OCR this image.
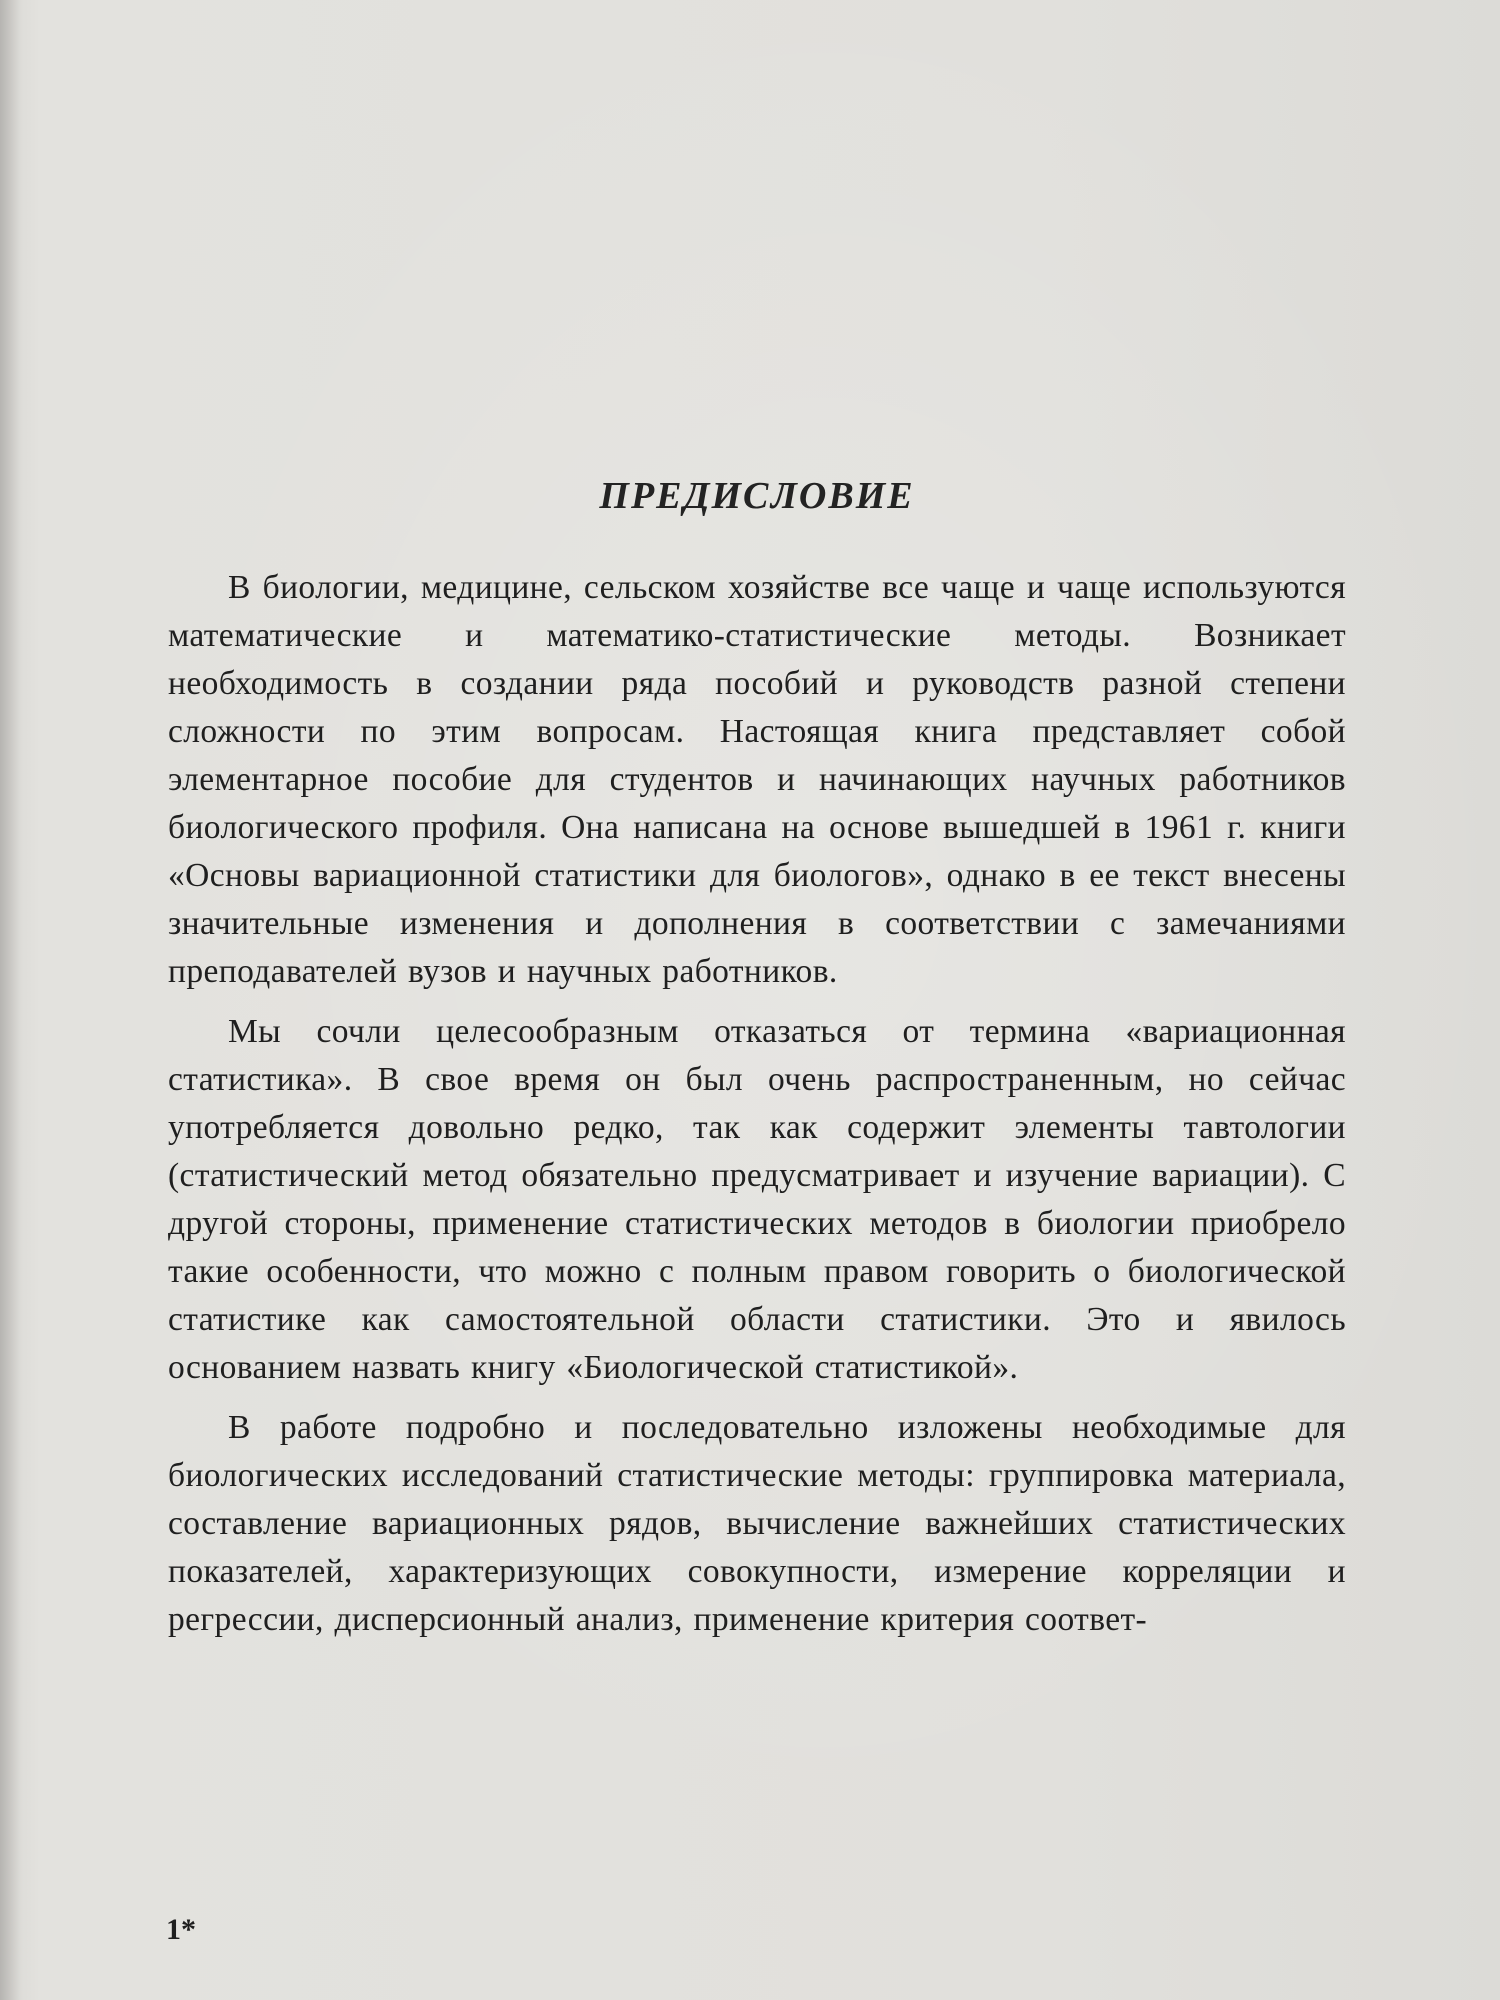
ПРЕДИСЛОВИЕ

В биологии, медицине, сельском хозяйстве все чаще и чаще используются математические и математико-статистические методы. Возникает необходимость в создании ряда пособий и руководств разной степени сложности по этим вопросам. Настоящая книга представляет собой элементарное пособие для студентов и начинающих научных работников биологического профиля. Она написана на основе вышедшей в 1961 г. книги «Основы вариационной статистики для биологов», однако в ее текст внесены значительные изменения и дополнения в соответствии с замечаниями преподавателей вузов и научных работников.

Мы сочли целесообразным отказаться от термина «вариационная статистика». В свое время он был очень распространенным, но сейчас употребляется довольно редко, так как содержит элементы тавтологии (статистический метод обязательно предусматривает и изучение вариации). С другой стороны, применение статистических методов в биологии приобрело такие особенности, что можно с полным правом говорить о биологической статистике как самостоятельной области статистики. Это и явилось основанием назвать книгу «Биологической статистикой».

В работе подробно и последовательно изложены необходимые для биологических исследований статистические методы: группировка материала, составление вариационных рядов, вычисление важнейших статистических показателей, характеризующих совокупности, измерение корреляции и регрессии, дисперсионный анализ, применение критерия соответ-

1*
